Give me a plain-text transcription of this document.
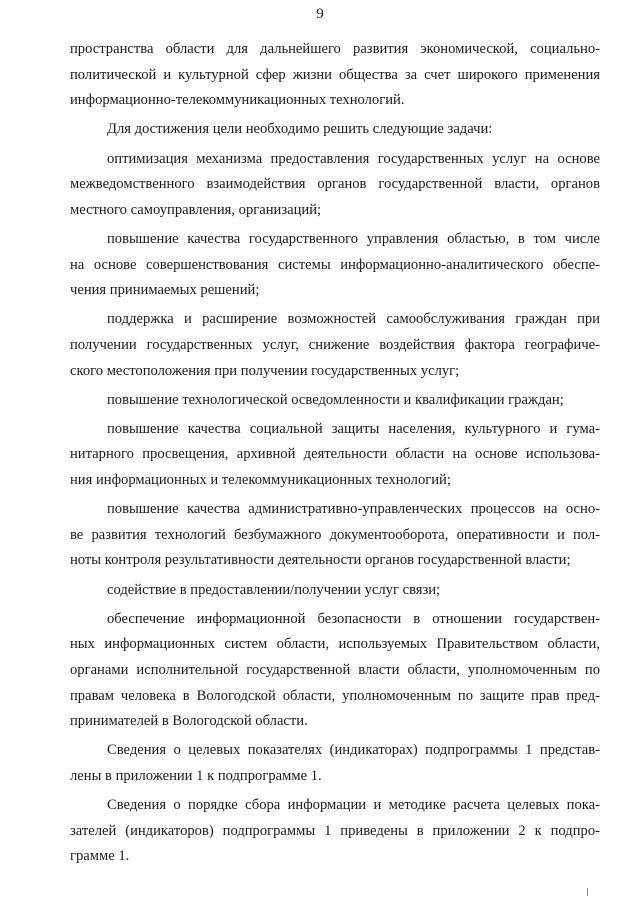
9
пространства области для дальнейшего развития экономической, социально-
политической и культурной сфер жизни общества за счет широкого применения
информационно-телекоммуникационных технологий.
Для достижения цели необходимо решить следующие задачи:
оптимизация механизма предоставления государственных услуг на основе
межведомственного взаимодействия органов государственной власти, органов
местного самоуправления, организаций;
повышение качества государственного управления областью, в том числе
на основе совершенствования системы информационно-аналитического обеспе-
чения принимаемых решений;
поддержка и расширение возможностей самообслуживания граждан при
получении государственных услуг, снижение воздействия фактора географиче-
ского местоположения при получении государственных услуг;
повышение технологической осведомленности и квалификации граждан;
повышение качества социальной защиты населения, культурного и гума-
нитарного просвещения, архивной деятельности области на основе использова-
ния информационных и телекоммуникационных технологий;
повышение качества административно-управленческих процессов на осно-
ве развития технологий безбумажного документооборота, оперативности и пол-
ноты контроля результативности деятельности органов государственной власти;
содействие в предоставлении/получении услуг связи;
обеспечение информационной безопасности в отношении государствен-
ных информационных систем области, используемых Правительством области,
органами исполнительной государственной власти области, уполномоченным по
правам человека в Вологодской области, уполномоченным по защите прав пред-
принимателей в Вологодской области.
Сведения о целевых показателях (индикаторах) подпрограммы 1 представ-
лены в приложении 1 к подпрограмме 1.
Сведения о порядке сбора информации и методике расчета целевых пока-
зателей (индикаторов) подпрограммы 1 приведены в приложении 2 к подпро-
грамме 1.
